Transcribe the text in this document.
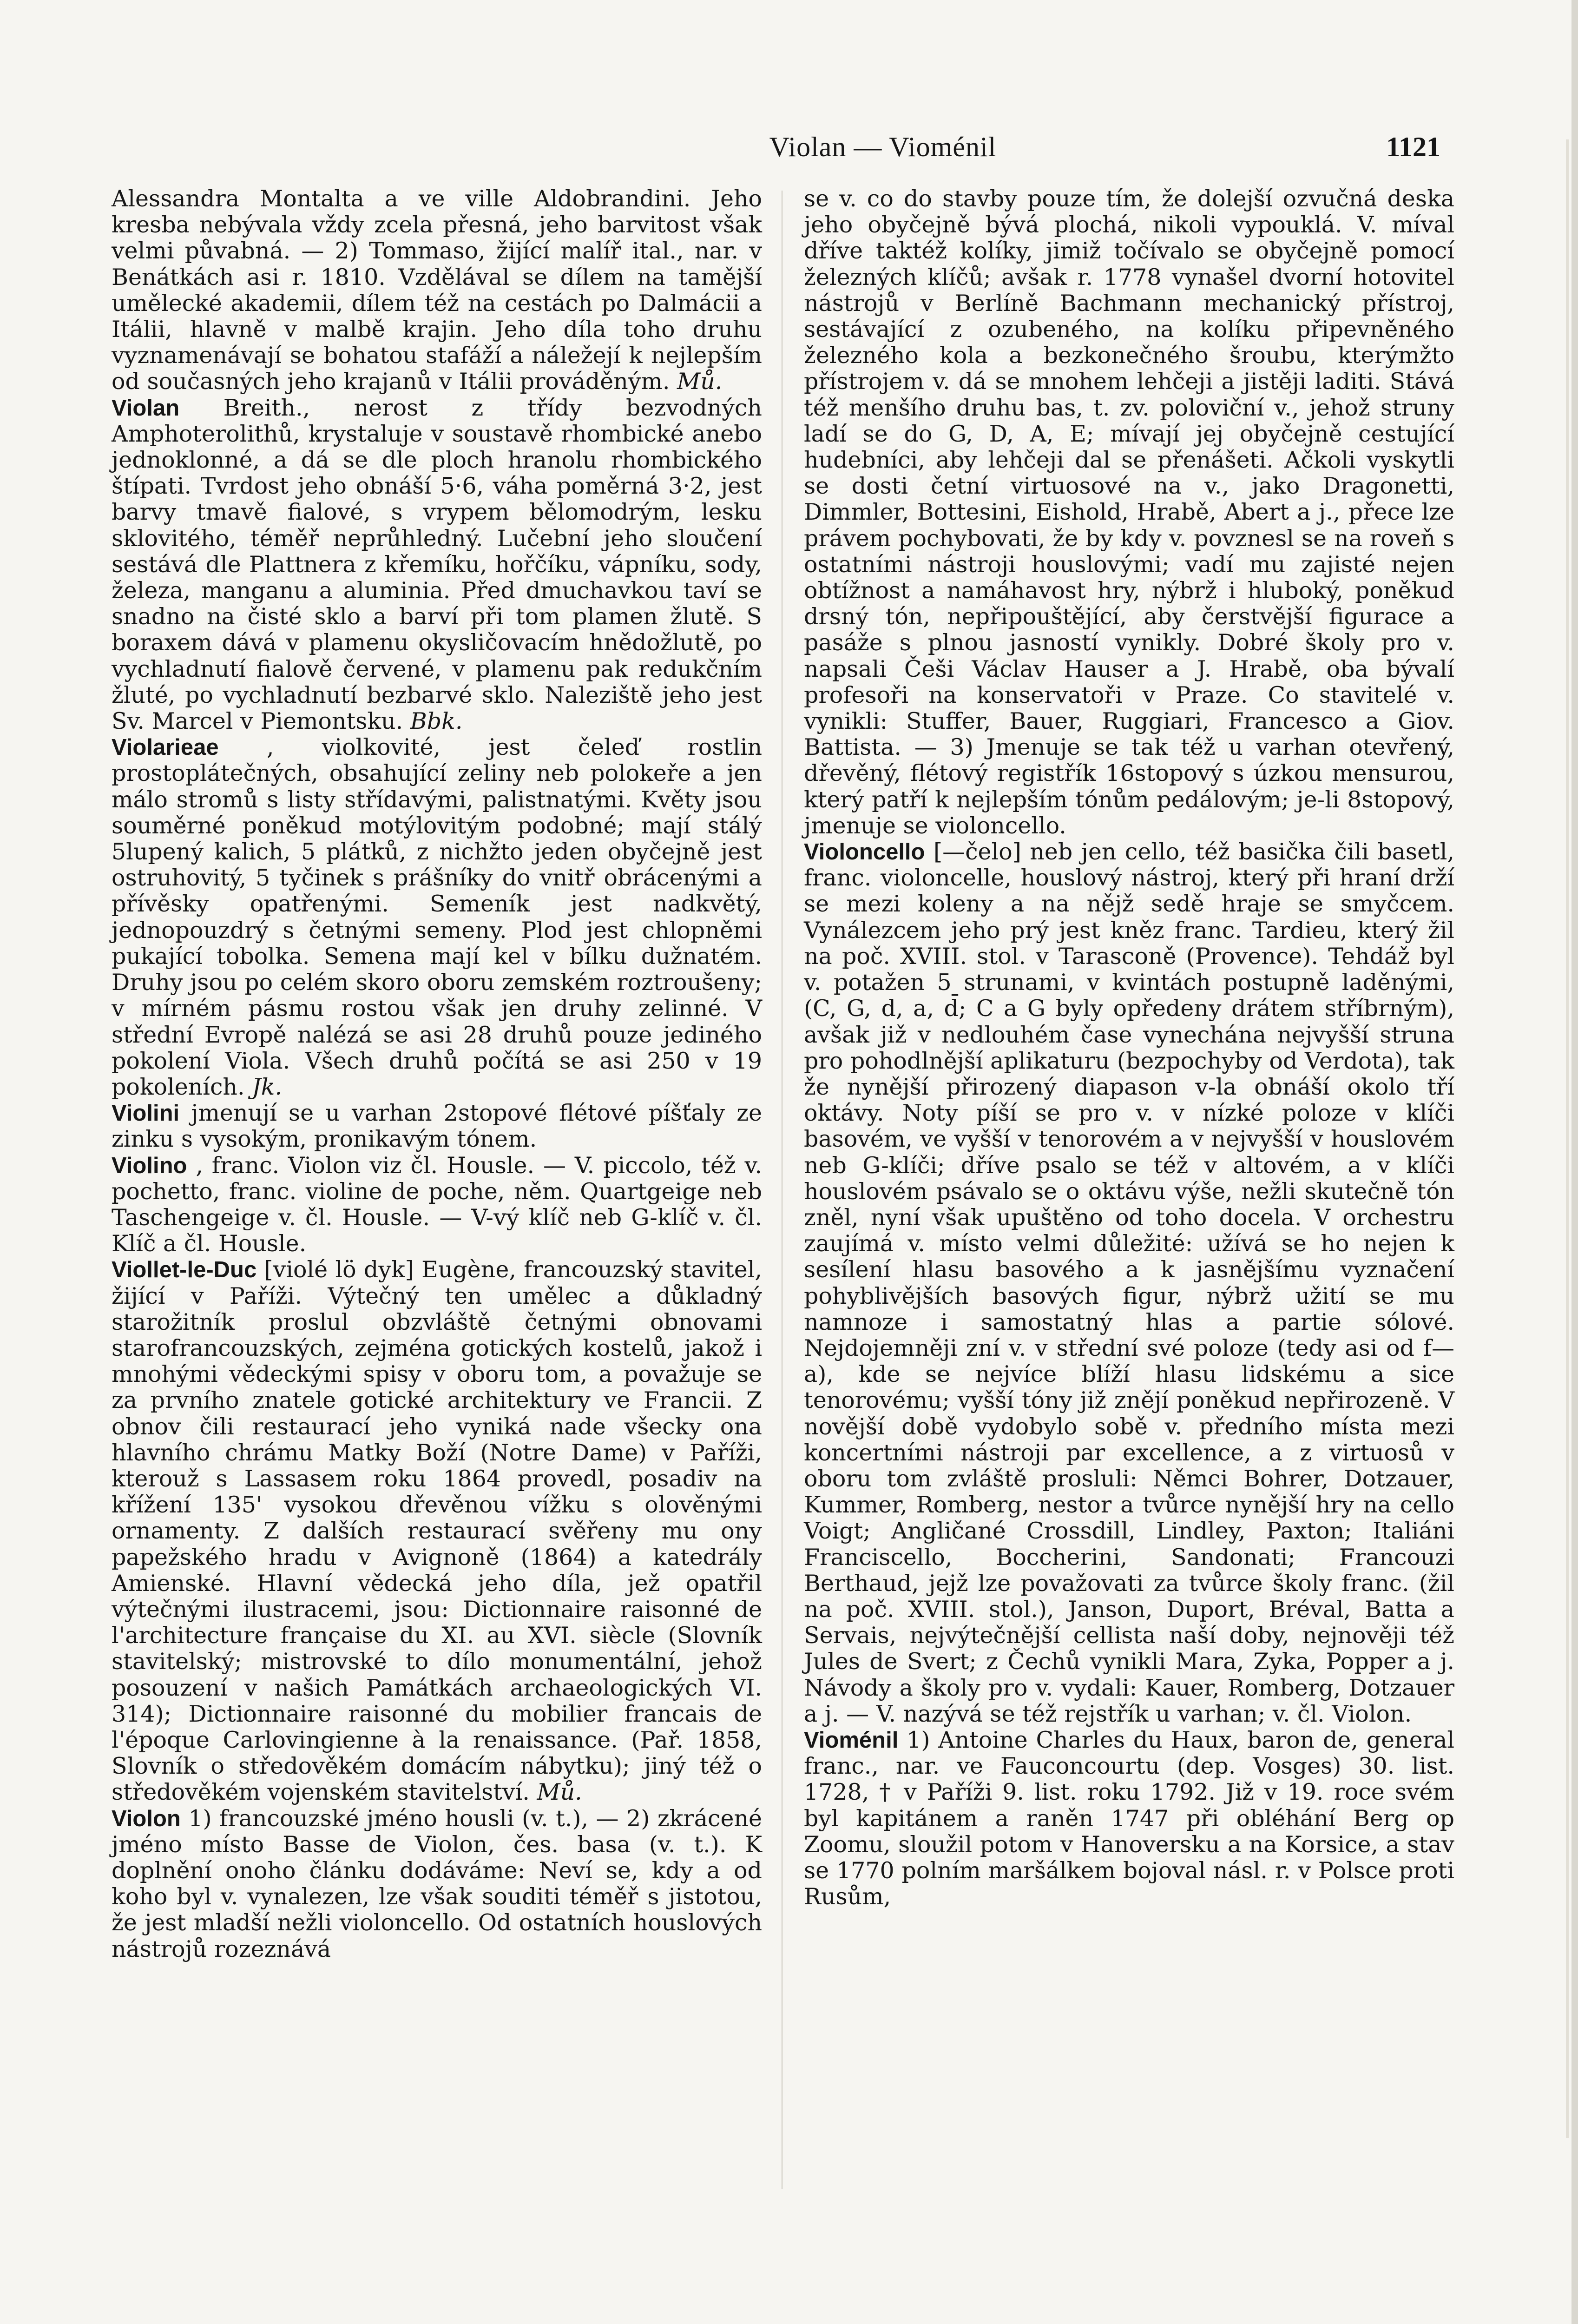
Violan — Vioménil	1121

Alessandra Montalta a ve ville Aldobrandini. Jeho kresba nebývala vždy zcela přesná, jeho barvitost však velmi půvabná. — 2) Tommaso, žijící malíř ital., nar. v Benátkách asi r. 1810. Vzdělával se dílem na tamější umělecké akademii, dílem též na cestách po Dalmácii a Itálii, hlavně v malbě krajin. Jeho díla toho druhu vyznamenávají se bohatou stafáží a náležejí k nejlepším od současných jeho krajanů v Itálii prováděným. Mů.

Violan Breith., nerost z třídy bezvodných Amphoterolithů, krystaluje v soustavě rhombické anebo jednoklonné, a dá se dle ploch hranolu rhombického štípati. Tvrdost jeho obnáší 5·6, váha poměrná 3·2, jest barvy tmavě fialové, s vrypem bělomodrým, lesku sklovitého, téměř neprůhledný. Lučební jeho sloučení sestává dle Plattnera z křemíku, hořčíku, vápníku, sody, železa, manganu a aluminia. Před dmuchavkou taví se snadno na čisté sklo a barví při tom plamen žlutě. S boraxem dává v plamenu okysličovacím hnědožlutě, po vychladnutí fialově červené, v plamenu pak redukčním žluté, po vychladnutí bezbarvé sklo. Naleziště jeho jest Sv. Marcel v Piemontsku. Bbk.

Violarieae , violkovité, jest čeleď rostlin prostoplátečných, obsahující zeliny neb polokeře a jen málo stromů s listy střídavými, palistnatými. Květy jsou souměrné poněkud motýlovitým podobné; mají stálý 5lupený kalich, 5 plátků, z nichžto jeden obyčejně jest ostruhovitý, 5 tyčinek s prášníky do vnitř obrácenými a přívěsky opatřenými. Semeník jest nadkvětý, jednopouzdrý s četnými semeny. Plod jest chlopněmi pukající tobolka. Semena mají kel v bílku dužnatém. Druhy jsou po celém skoro oboru zemském roztroušeny; v mírném pásmu rostou však jen druhy zelinné. V střední Evropě nalézá se asi 28 druhů pouze jediného pokolení Viola. Všech druhů počítá se asi 250 v 19 pokoleních. Jk.

Violini jmenují se u varhan 2stopové flétové píšťaly ze zinku s vysokým, pronikavým tónem.

Violino , franc. Violon viz čl. Housle. — V. piccolo, též v. pochetto, franc. violine de poche, něm. Quartgeige neb Taschengeige v. čl. Housle. — V-vý klíč neb G-klíč v. čl. Klíč a čl. Housle.

Viollet-le-Duc [violé lö dyk] Eugène, francouzský stavitel, žijící v Paříži. Výtečný ten umělec a důkladný starožitník proslul obzvláště četnými obnovami starofrancouzských, zejména gotických kostelů, jakož i mnohými vědeckými spisy v oboru tom, a považuje se za prvního znatele gotické architektury ve Francii. Z obnov čili restaurací jeho vyniká nade všecky ona hlavního chrámu Matky Boží (Notre Dame) v Paříži, kterouž s Lassasem roku 1864 provedl, posadiv na křížení 135' vysokou dřevěnou vížku s olověnými ornamenty. Z dalších restaurací svěřeny mu ony papežského hradu v Avignoně (1864) a katedrály Amienské. Hlavní vědecká jeho díla, jež opatřil výtečnými ilustracemi, jsou: Dictionnaire raisonné de l'architecture française du XI. au XVI. siècle (Slovník stavitelský; mistrovské to dílo monumentální, jehož posouzení v našich Památkách archaeologických VI. 314); Dictionnaire raisonné du mobilier francais de l'époque Carlovingienne à la renaissance. (Pař. 1858, Slovník o středověkém domácím nábytku); jiný též o středověkém vojenském stavitelství. Mů.

Violon 1) francouzské jméno housli (v. t.), — 2) zkrácené jméno místo Basse de Violon, čes. basa (v. t.). K doplnění onoho článku dodáváme: Neví se, kdy a od koho byl v. vynalezen, lze však souditi téměř s jistotou, že jest mladší nežli violoncello. Od ostatních houslových nástrojů rozeznává

se v. co do stavby pouze tím, že dolejší ozvučná deska jeho obyčejně bývá plochá, nikoli vypouklá. V. míval dříve taktéž kolíky, jimiž točívalo se obyčejně pomocí železných klíčů; avšak r. 1778 vynašel dvorní hotovitel nástrojů v Berlíně Bachmann mechanický přístroj, sestávající z ozubeného, na kolíku připevněného železného kola a bezkonečného šroubu, kterýmžto přístrojem v. dá se mnohem lehčeji a jistěji laditi. Stává též menšího druhu bas, t. zv. poloviční v., jehož struny ladí se do G, D, A, E; mívají jej obyčejně cestující hudebníci, aby lehčeji dal se přenášeti. Ačkoli vyskytli se dosti četní virtuosové na v., jako Dragonetti, Dimmler, Bottesini, Eishold, Hrabě, Abert a j., přece lze právem pochybovati, že by kdy v. povznesl se na roveň s ostatními nástroji houslovými; vadí mu zajisté nejen obtížnost a namáhavost hry, nýbrž i hluboký, poněkud drsný tón, nepřipouštějící, aby čerstvější figurace a pasáže s plnou jasností vynikly. Dobré školy pro v. napsali Češi Václav Hauser a J. Hrabě, oba bývalí profesoři na konservatoři v Praze. Co stavitelé v. vynikli: Stuffer, Bauer, Ruggiari, Francesco a Giov. Battista. — 3) Jmenuje se tak též u varhan otevřený, dřevěný, flétový registřík 16stopový s úzkou mensurou, který patří k nejlepším tónům pedálovým; je-li 8stopový, jmenuje se violoncello.

Violoncello [—čelo] neb jen cello, též basička čili basetl, franc. violoncelle, houslový nástroj, který při hraní drží se mezi koleny a na nějž sedě hraje se smyčcem. Vynálezcem jeho prý jest kněz franc. Tardieu, který žil na poč. XVIII. stol. v Tarasconě (Provence). Tehdáž byl v. potažen 5 strunami, v kvintách postupně laděnými, (C, G, d, a, d̄; C a G byly opředeny drátem stříbrným), avšak již v nedlouhém čase vynechána nejvyšší struna pro pohodlnější aplikaturu (bezpochyby od Verdota), tak že nynější přirozený diapason v-la obnáší okolo tří oktávy. Noty píší se pro v. v nízké poloze v klíči basovém, ve vyšší v tenorovém a v nejvyšší v houslovém neb G-klíči; dříve psalo se též v altovém, a v klíči houslovém psávalo se o oktávu výše, nežli skutečně tón zněl, nyní však upuštěno od toho docela. V orchestru zaujímá v. místo velmi důležité: užívá se ho nejen k sesílení hlasu basového a k jasnějšímu vyznačení pohyblivějších basových figur, nýbrž užití se mu namnoze i samostatný hlas a partie sólové. Nejdojemněji zní v. v střední své poloze (tedy asi od f—a), kde se nejvíce blíží hlasu lidskému a sice tenorovému; vyšší tóny již znějí poněkud nepřirozeně. V novější době vydobylo sobě v. předního místa mezi koncertními nástroji par excellence, a z virtuosů v oboru tom zvláště prosluli: Němci Bohrer, Dotzauer, Kummer, Romberg, nestor a tvůrce nynější hry na cello Voigt; Angličané Crossdill, Lindley, Paxton; Italiáni Franciscello, Boccherini, Sandonati; Francouzi Berthaud, jejž lze považovati za tvůrce školy franc. (žil na poč. XVIII. stol.), Janson, Duport, Bréval, Batta a Servais, nejvýtečnější cellista naší doby, nejnověji též Jules de Svert; z Čechů vynikli Mara, Zyka, Popper a j. Návody a školy pro v. vydali: Kauer, Romberg, Dotzauer a j. — V. nazývá se též rejstřík u varhan; v. čl. Violon.

Vioménil 1) Antoine Charles du Haux, baron de, general franc., nar. ve Fauconcourtu (dep. Vosges) 30. list. 1728, † v Paříži 9. list. roku 1792. Již v 19. roce svém byl kapitánem a raněn 1747 při obléhání Berg op Zoomu, sloužil potom v Hanoversku a na Korsice, a stav se 1770 polním maršálkem bojoval násl. r. v Polsce proti Rusům,
